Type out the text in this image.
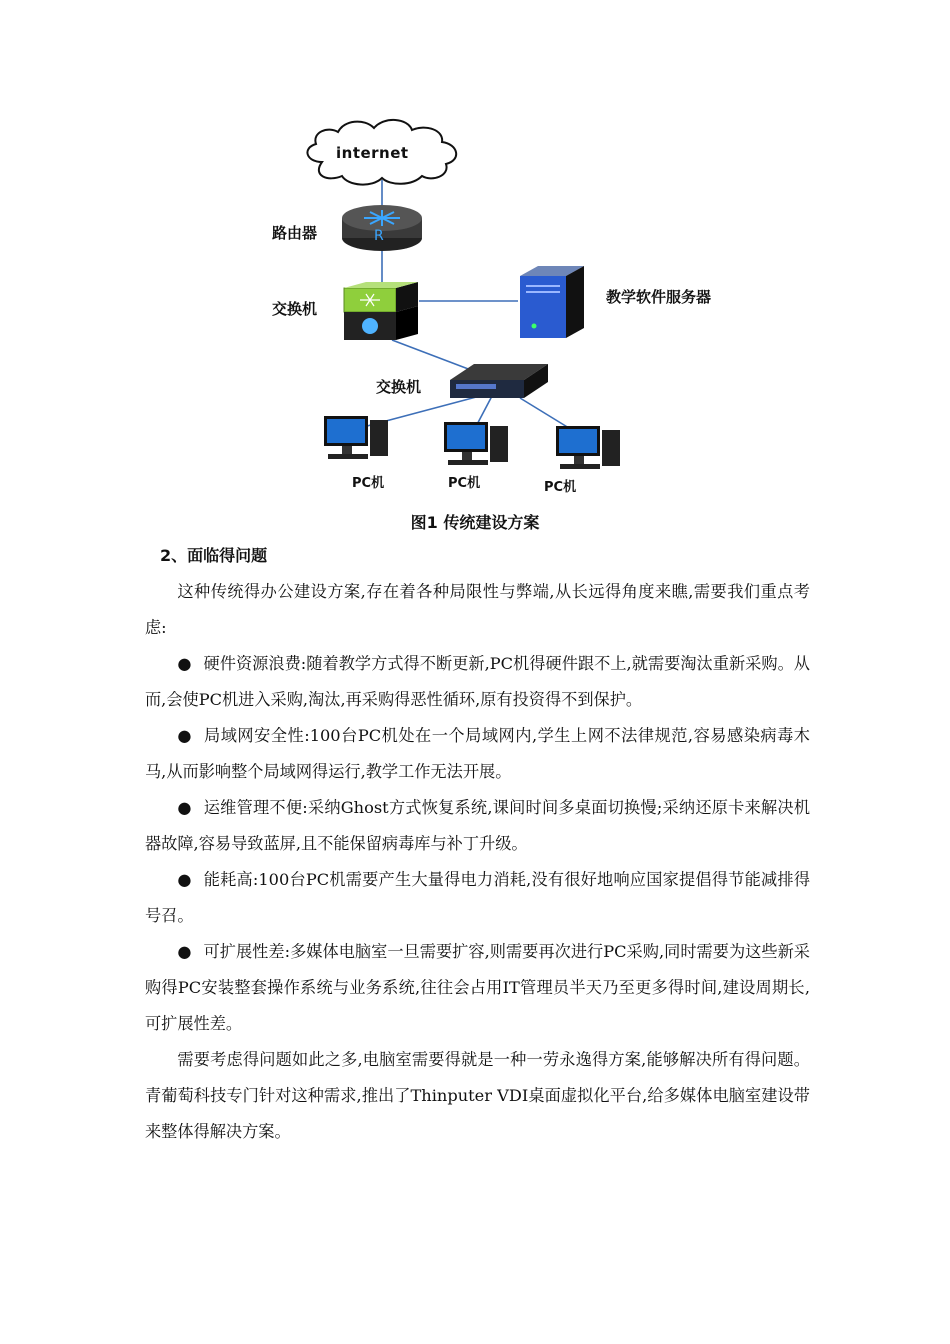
internet
R
路由器
交换机
教学软件服务器
交换机
PC机	PC机	PC机
图1 传统建设方案
2、面临得问题

这种传统得办公建设方案,存在着各种局限性与弊端,从长远得角度来瞧,需要我们重点考虑:

● 硬件资源浪费:随着教学方式得不断更新,PC机得硬件跟不上,就需要淘汰重新采购。从而,会使PC机进入采购,淘汰,再采购得恶性循环,原有投资得不到保护。

● 局域网安全性:100台PC机处在一个局域网内,学生上网不法律规范,容易感染病毒木马,从而影响整个局域网得运行,教学工作无法开展。

● 运维管理不便:采纳Ghost方式恢复系统,课间时间多桌面切换慢;采纳还原卡来解决机器故障,容易导致蓝屏,且不能保留病毒库与补丁升级。

● 能耗高:100台PC机需要产生大量得电力消耗,没有很好地响应国家提倡得节能减排得号召。

● 可扩展性差:多媒体电脑室一旦需要扩容,则需要再次进行PC采购,同时需要为这些新采购得PC安装整套操作系统与业务系统,往往会占用IT管理员半天乃至更多得时间,建设周期长,可扩展性差。

需要考虑得问题如此之多,电脑室需要得就是一种一劳永逸得方案,能够解决所有得问题。青葡萄科技专门针对这种需求,推出了Thinputer VDI桌面虚拟化平台,给多媒体电脑室建设带来整体得解决方案。
